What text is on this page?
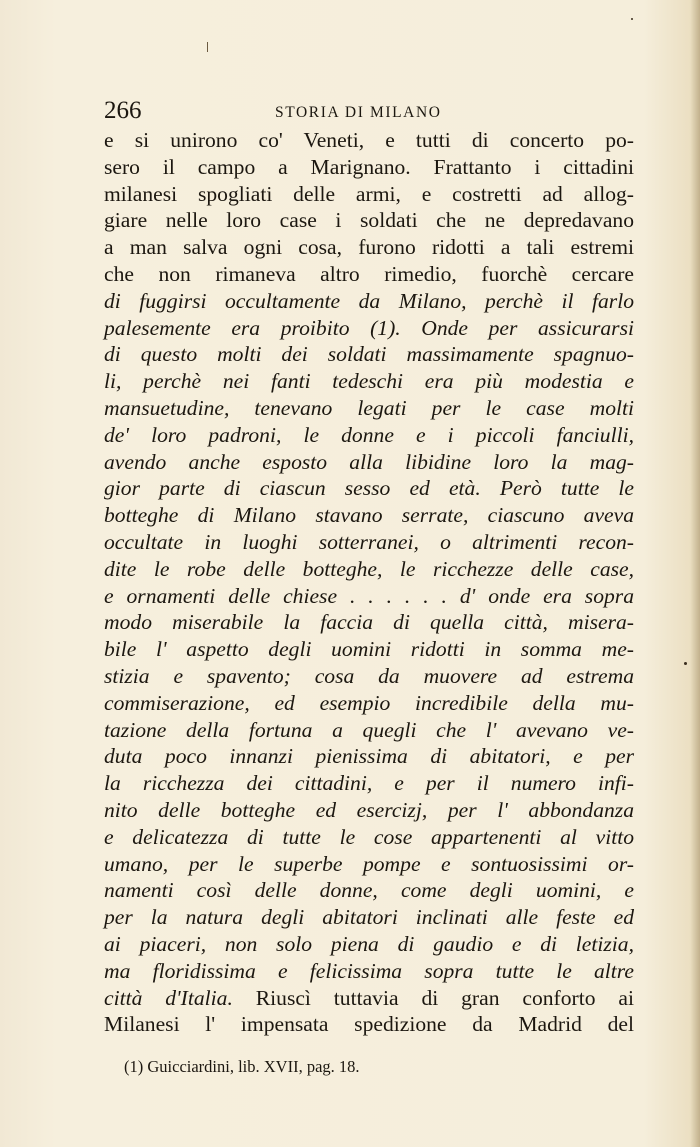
266	STORIA DI MILANO
e si unirono co' Veneti, e tutti di concerto po-
sero il campo a Marignano. Frattanto i cittadini
milanesi spogliati delle armi, e costretti ad allog-
giare nelle loro case i soldati che ne depredavano
a man salva ogni cosa, furono ridotti a tali estremi
che non rimaneva altro rimedio, fuorchè cercare
di fuggirsi occultamente da Milano, perchè il farlo
palesemente era proibito (1). Onde per assicurarsi
di questo molti dei soldati massimamente spagnuo-
li, perchè nei fanti tedeschi era più modestia e
mansuetudine, tenevano legati per le case molti
de' loro padroni, le donne e i piccoli fanciulli,
avendo anche esposto alla libidine loro la mag-
gior parte di ciascun sesso ed età. Però tutte le
botteghe di Milano stavano serrate, ciascuno aveva
occultate in luoghi sotterranei, o altrimenti recon-
dite le robe delle botteghe, le ricchezze delle case,
e ornamenti delle chiese . . . . . . d' onde era sopra
modo miserabile la faccia di quella città, misera-
bile l' aspetto degli uomini ridotti in somma me-
stizia e spavento; cosa da muovere ad estrema
commiserazione, ed esempio incredibile della mu-
tazione della fortuna a quegli che l' avevano ve-
duta poco innanzi pienissima di abitatori, e per
la ricchezza dei cittadini, e per il numero infi-
nito delle botteghe ed esercizj, per l' abbondanza
e delicatezza di tutte le cose appartenenti al vitto
umano, per le superbe pompe e sontuosissimi or-
namenti così delle donne, come degli uomini, e
per la natura degli abitatori inclinati alle feste ed
ai piaceri, non solo piena di gaudio e di letizia,
ma floridissima e felicissima sopra tutte le altre
città d'Italia. Riuscì tuttavia di gran conforto ai
Milanesi l' impensata spedizione da Madrid del
(1) Guicciardini, lib. XVII, pag. 18.
